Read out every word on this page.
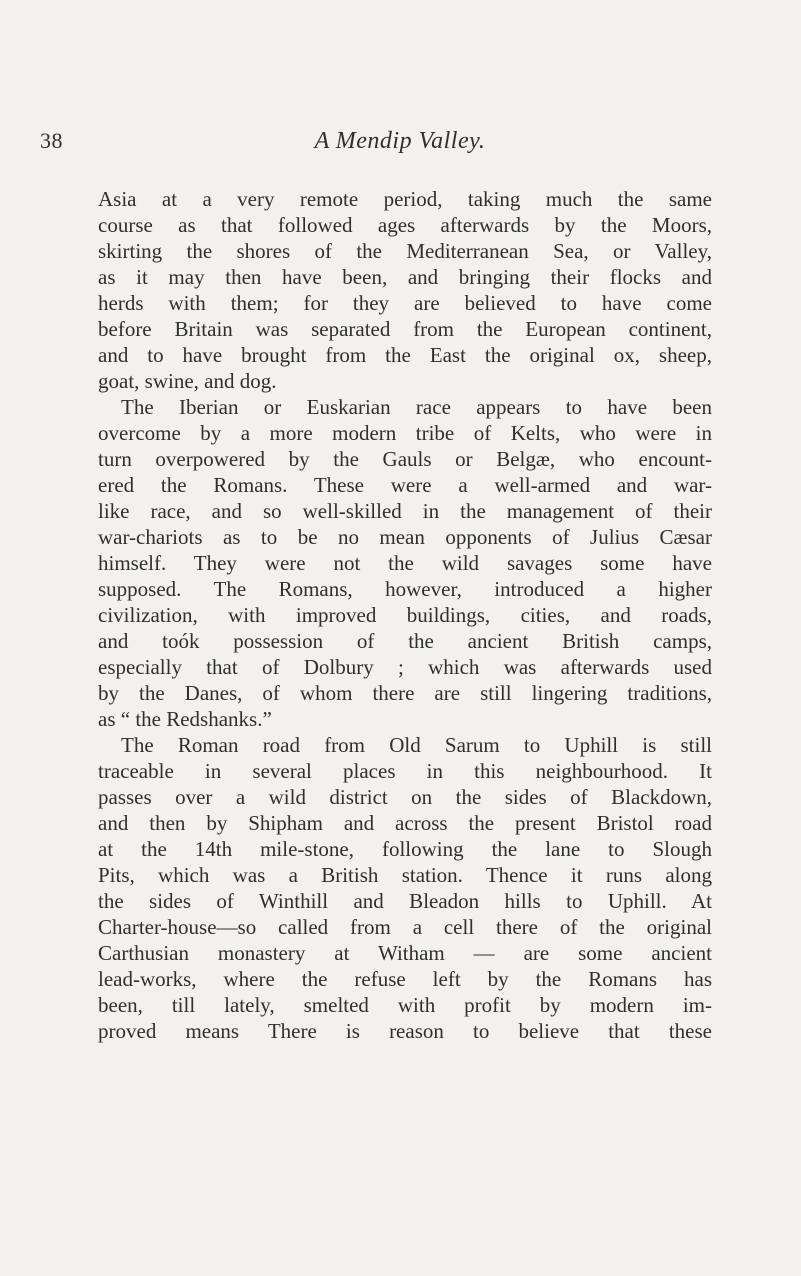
38	A Mendip Valley.
Asia at a very remote period, taking much the same
course as that followed ages afterwards by the Moors,
skirting the shores of the Mediterranean Sea, or Valley,
as it may then have been, and bringing their flocks and
herds with them; for they are believed to have come
before Britain was separated from the European continent,
and to have brought from the East the original ox, sheep,
goat, swine, and dog.
The Iberian or Euskarian race appears to have been
overcome by a more modern tribe of Kelts, who were in
turn overpowered by the Gauls or Belgæ, who encount-
ered the Romans. These were a well-armed and war-
like race, and so well-skilled in the management of their
war-chariots as to be no mean opponents of Julius Cæsar
himself. They were not the wild savages some have
supposed. The Romans, however, introduced a higher
civilization, with improved buildings, cities, and roads,
and toók possession of the ancient British camps,
especially that of Dolbury ; which was afterwards used
by the Danes, of whom there are still lingering traditions,
as “ the Redshanks.”
The Roman road from Old Sarum to Uphill is still
traceable in several places in this neighbourhood. It
passes over a wild district on the sides of Blackdown,
and then by Shipham and across the present Bristol road
at the 14th mile-stone, following the lane to Slough
Pits, which was a British station. Thence it runs along
the sides of Winthill and Bleadon hills to Uphill. At
Charter-house—so called from a cell there of the original
Carthusian monastery at Witham — are some ancient
lead-works, where the refuse left by the Romans has
been, till lately, smelted with profit by modern im-
proved means There is reason to believe that these
